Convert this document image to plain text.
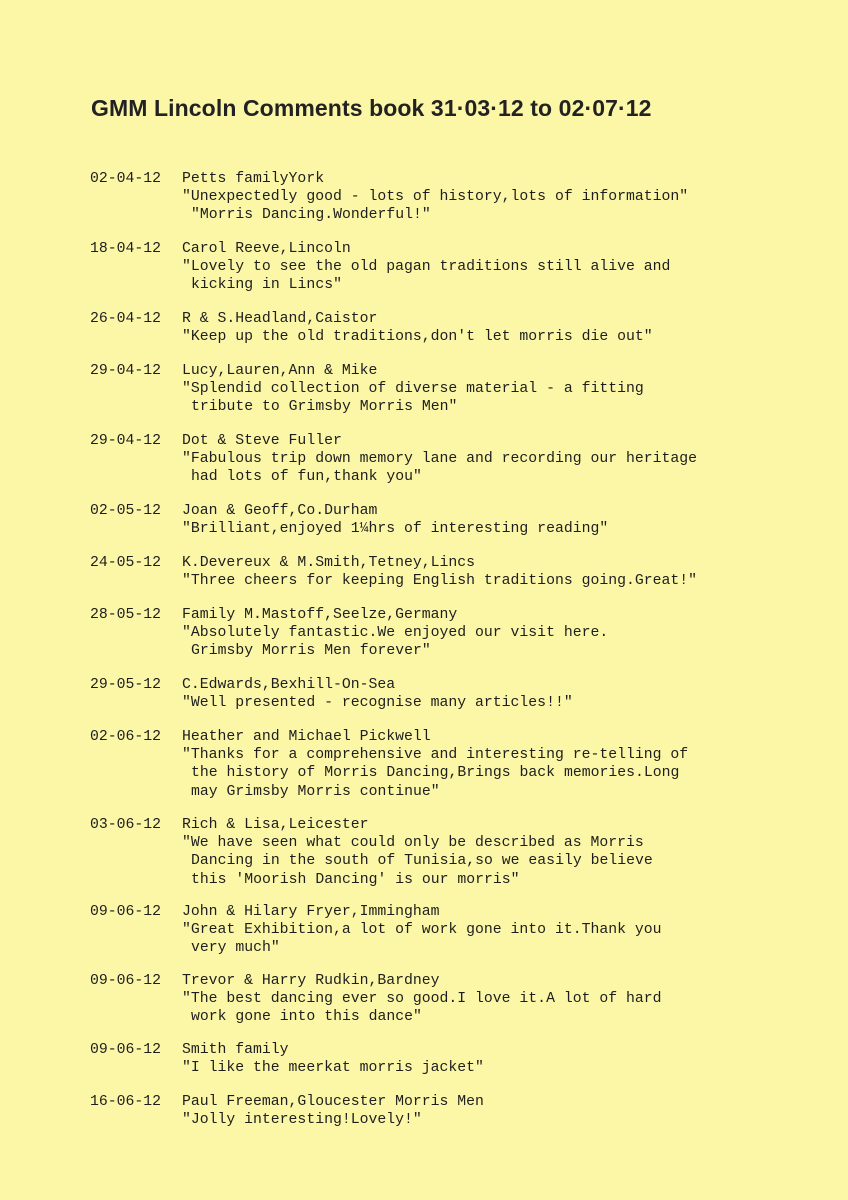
GMM Lincoln Comments book 31·03·12 to 02·07·12
02-04-12	Petts familyYork
"Unexpectedly good - lots of history,lots of information"
"Morris Dancing.Wonderful!"
18-04-12	Carol Reeve,Lincoln
"Lovely to see the old pagan traditions still alive and
kicking in Lincs"
26-04-12	R & S.Headland,Caistor
"Keep up the old traditions,don't let morris die out"
29-04-12	Lucy,Lauren,Ann & Mike
"Splendid collection of diverse material - a fitting
tribute to Grimsby Morris Men"
29-04-12	Dot & Steve Fuller
"Fabulous trip down memory lane and recording our heritage
had lots of fun,thank you"
02-05-12	Joan & Geoff,Co.Durham
"Brilliant,enjoyed 1¼hrs of interesting reading"
24-05-12	K.Devereux & M.Smith,Tetney,Lincs
"Three cheers for keeping English traditions going.Great!"
28-05-12	Family M.Mastoff,Seelze,Germany
"Absolutely fantastic.We enjoyed our visit here.
Grimsby Morris Men forever"
29-05-12	C.Edwards,Bexhill-On-Sea
"Well presented - recognise many articles!!"
02-06-12	Heather and Michael Pickwell
"Thanks for a comprehensive and interesting re-telling of
the history of Morris Dancing,Brings back memories.Long
may Grimsby Morris continue"
03-06-12	Rich & Lisa,Leicester
"We have seen what could only be described as Morris
Dancing in the south of Tunisia,so we easily believe
this 'Moorish Dancing' is our morris"
09-06-12	John & Hilary Fryer,Immingham
"Great Exhibition,a lot of work gone into it.Thank you
very much"
09-06-12	Trevor & Harry Rudkin,Bardney
"The best dancing ever so good.I love it.A lot of hard
work gone into this dance"
09-06-12	Smith family
"I like the meerkat morris jacket"
16-06-12	Paul Freeman,Gloucester Morris Men
"Jolly interesting!Lovely!"
